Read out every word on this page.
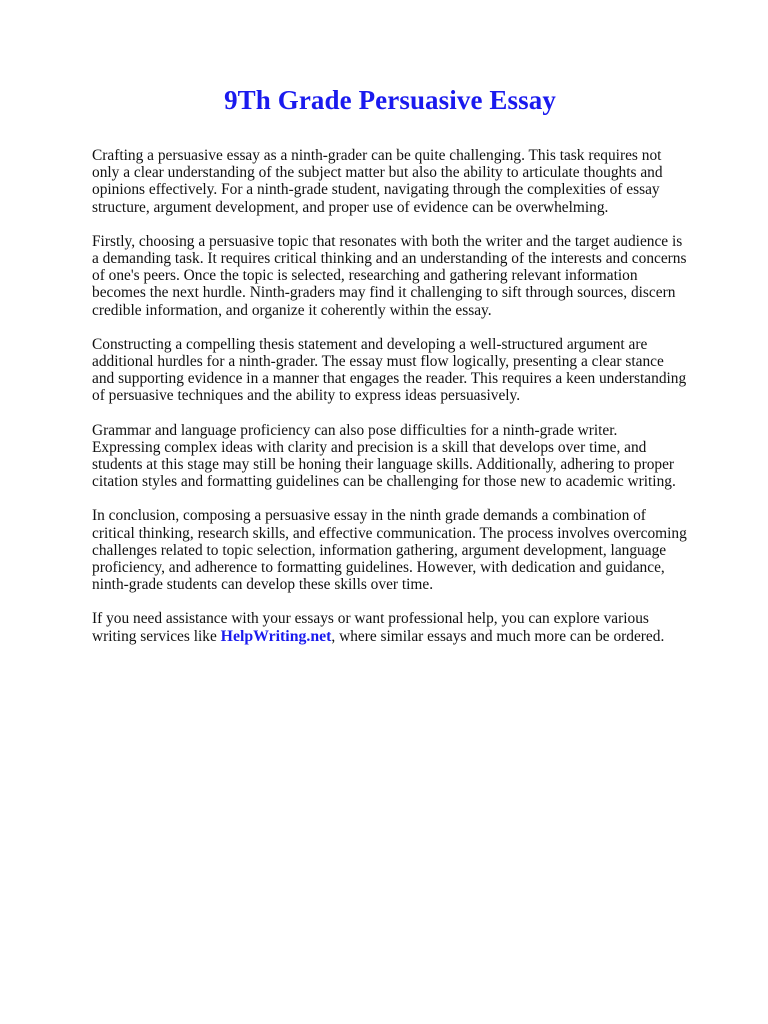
9Th Grade Persuasive Essay

Crafting a persuasive essay as a ninth-grader can be quite challenging. This task requires not only a clear understanding of the subject matter but also the ability to articulate thoughts and opinions effectively. For a ninth-grade student, navigating through the complexities of essay structure, argument development, and proper use of evidence can be overwhelming.

Firstly, choosing a persuasive topic that resonates with both the writer and the target audience is a demanding task. It requires critical thinking and an understanding of the interests and concerns of one's peers. Once the topic is selected, researching and gathering relevant information becomes the next hurdle. Ninth-graders may find it challenging to sift through sources, discern credible information, and organize it coherently within the essay.

Constructing a compelling thesis statement and developing a well-structured argument are additional hurdles for a ninth-grader. The essay must flow logically, presenting a clear stance and supporting evidence in a manner that engages the reader. This requires a keen understanding of persuasive techniques and the ability to express ideas persuasively.

Grammar and language proficiency can also pose difficulties for a ninth-grade writer. Expressing complex ideas with clarity and precision is a skill that develops over time, and students at this stage may still be honing their language skills. Additionally, adhering to proper citation styles and formatting guidelines can be challenging for those new to academic writing.

In conclusion, composing a persuasive essay in the ninth grade demands a combination of critical thinking, research skills, and effective communication. The process involves overcoming challenges related to topic selection, information gathering, argument development, language proficiency, and adherence to formatting guidelines. However, with dedication and guidance, ninth-grade students can develop these skills over time.

If you need assistance with your essays or want professional help, you can explore various writing services like HelpWriting.net, where similar essays and much more can be ordered.
